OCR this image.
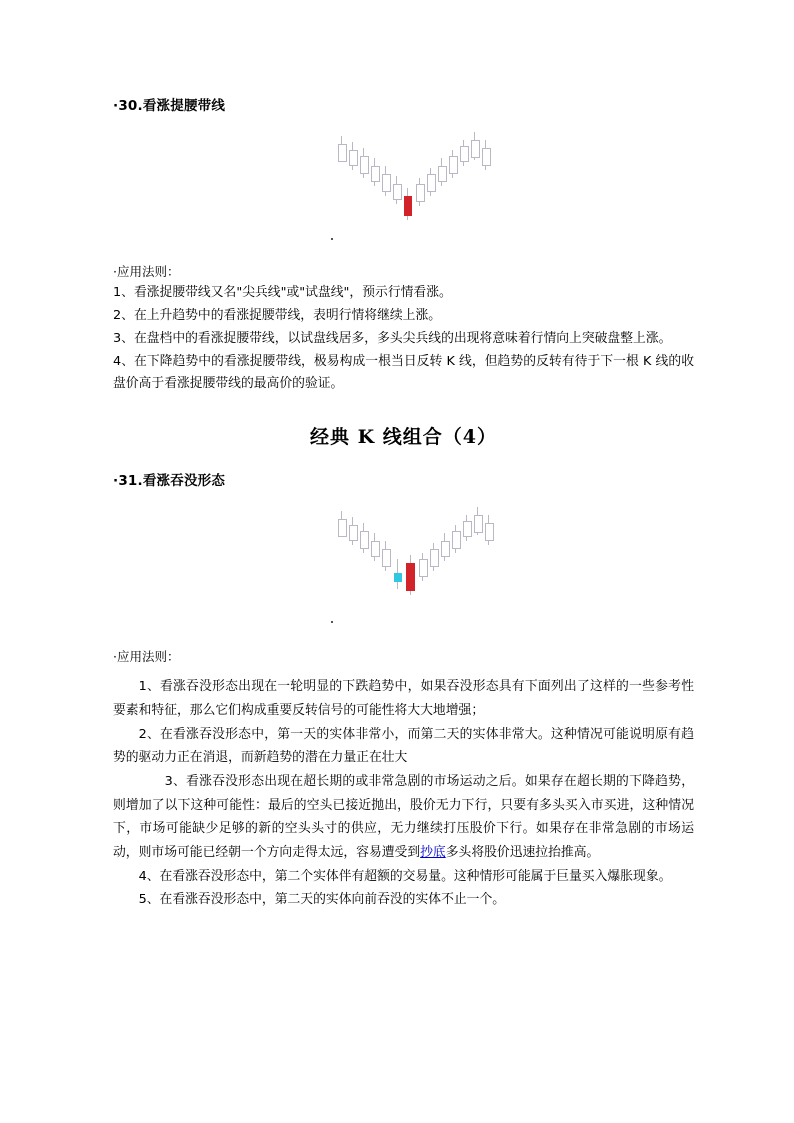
·30.看涨提腰带线

·应用法则：

1、看涨捉腰带线又名"尖兵线"或"试盘线"，预示行情看涨。

2、在上升趋势中的看涨捉腰带线，表明行情将继续上涨。

3、在盘档中的看涨捉腰带线，以试盘线居多，多头尖兵线的出现将意味着行情向上突破盘整上涨。

4、在下降趋势中的看涨捉腰带线，极易构成一根当日反转 K 线，但趋势的反转有待于下一根 K 线的收盘价高于看涨捉腰带线的最高价的验证。

经典 K 线组合（4）
·31.看涨吞没形态

·应用法则：

1、看涨吞没形态出现在一轮明显的下跌趋势中，如果吞没形态具有下面列出了这样的一些参考性要素和特征，那么它们构成重要反转信号的可能性将大大地增强；

2、在看涨吞没形态中，第一天的实体非常小，而第二天的实体非常大。这种情况可能说明原有趋势的驱动力正在消退，而新趋势的潜在力量正在壮大

　　3、看涨吞没形态出现在超长期的或非常急剧的市场运动之后。如果存在超长期的下降趋势，则增加了以下这种可能性：最后的空头已接近抛出，股价无力下行，只要有多头买入市买进，这种情况下，市场可能缺少足够的新的空头头寸的供应，无力继续打压股价下行。如果存在非常急剧的市场运动，则市场可能已经朝一个方向走得太远，容易遭受到抄底多头将股价迅速拉抬推高。

4、在看涨吞没形态中，第二个实体伴有超额的交易量。这种情形可能属于巨量买入爆胀现象。

5、在看涨吞没形态中，第二天的实体向前吞没的实体不止一个。
